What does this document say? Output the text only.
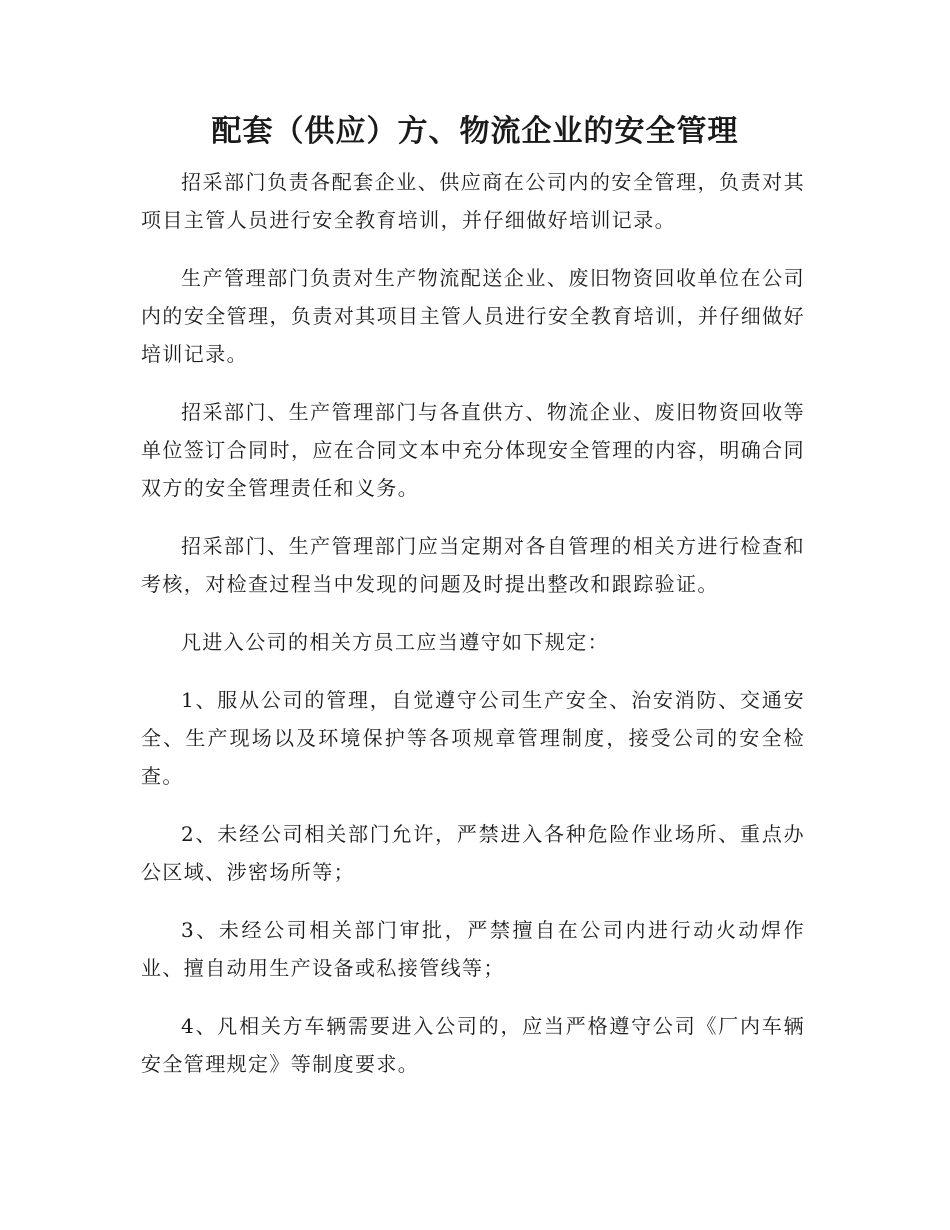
配套（供应）方、物流企业的安全管理

招采部门负责各配套企业、供应商在公司内的安全管理，负责对其项目主管人员进行安全教育培训，并仔细做好培训记录。

生产管理部门负责对生产物流配送企业、废旧物资回收单位在公司内的安全管理，负责对其项目主管人员进行安全教育培训，并仔细做好培训记录。

招采部门、生产管理部门与各直供方、物流企业、废旧物资回收等单位签订合同时，应在合同文本中充分体现安全管理的内容，明确合同双方的安全管理责任和义务。

招采部门、生产管理部门应当定期对各自管理的相关方进行检查和考核，对检查过程当中发现的问题及时提出整改和跟踪验证。

凡进入公司的相关方员工应当遵守如下规定：

1、服从公司的管理，自觉遵守公司生产安全、治安消防、交通安全、生产现场以及环境保护等各项规章管理制度，接受公司的安全检查。

2、未经公司相关部门允许，严禁进入各种危险作业场所、重点办公区域、涉密场所等；

3、未经公司相关部门审批，严禁擅自在公司内进行动火动焊作业、擅自动用生产设备或私接管线等；

4、凡相关方车辆需要进入公司的，应当严格遵守公司《厂内车辆安全管理规定》等制度要求。
